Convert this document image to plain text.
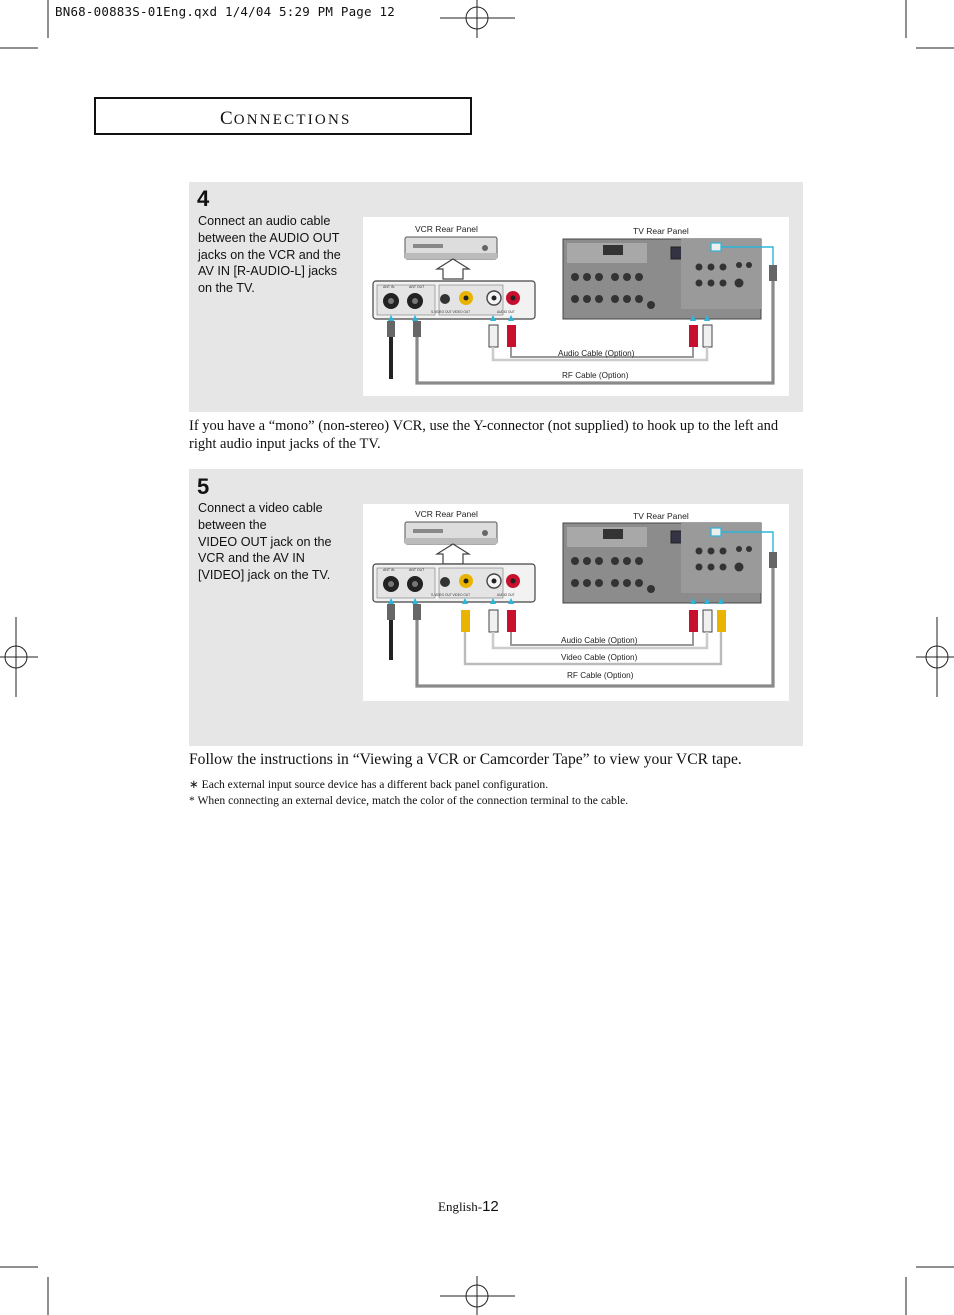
BN68-00883S-01Eng.qxd 1/4/04 5:29 PM Page 12
CONNECTIONS
4
Connect an audio cable
between the AUDIO OUT
jacks on the VCR and the
AV IN [R-AUDIO-L] jacks
on the TV.
VCR Rear Panel	TV Rear Panel
ANT IN	ANT OUT
S-VIDEO OUT VIDEO OUT	AUDIO OUT
Audio Cable (Option)
RF Cable (Option)
If you have a “mono” (non-stereo) VCR, use the Y-connector (not supplied) to hook up to the left and right audio input jacks of the TV.
5
Connect a video cable
between the
VIDEO OUT jack on the
VCR and the AV IN
[VIDEO] jack on the TV.
VCR Rear Panel	TV Rear Panel
ANT IN	ANT OUT
S-VIDEO OUT VIDEO OUT	AUDIO OUT
Audio Cable (Option)
Video Cable (Option)
RF Cable (Option)
Follow the instructions in “Viewing a VCR or Camcorder Tape” to view your VCR tape.
∗ Each external input source device has a different back panel configuration.
* When connecting an external device, match the color of the connection terminal to the cable.
English-12
